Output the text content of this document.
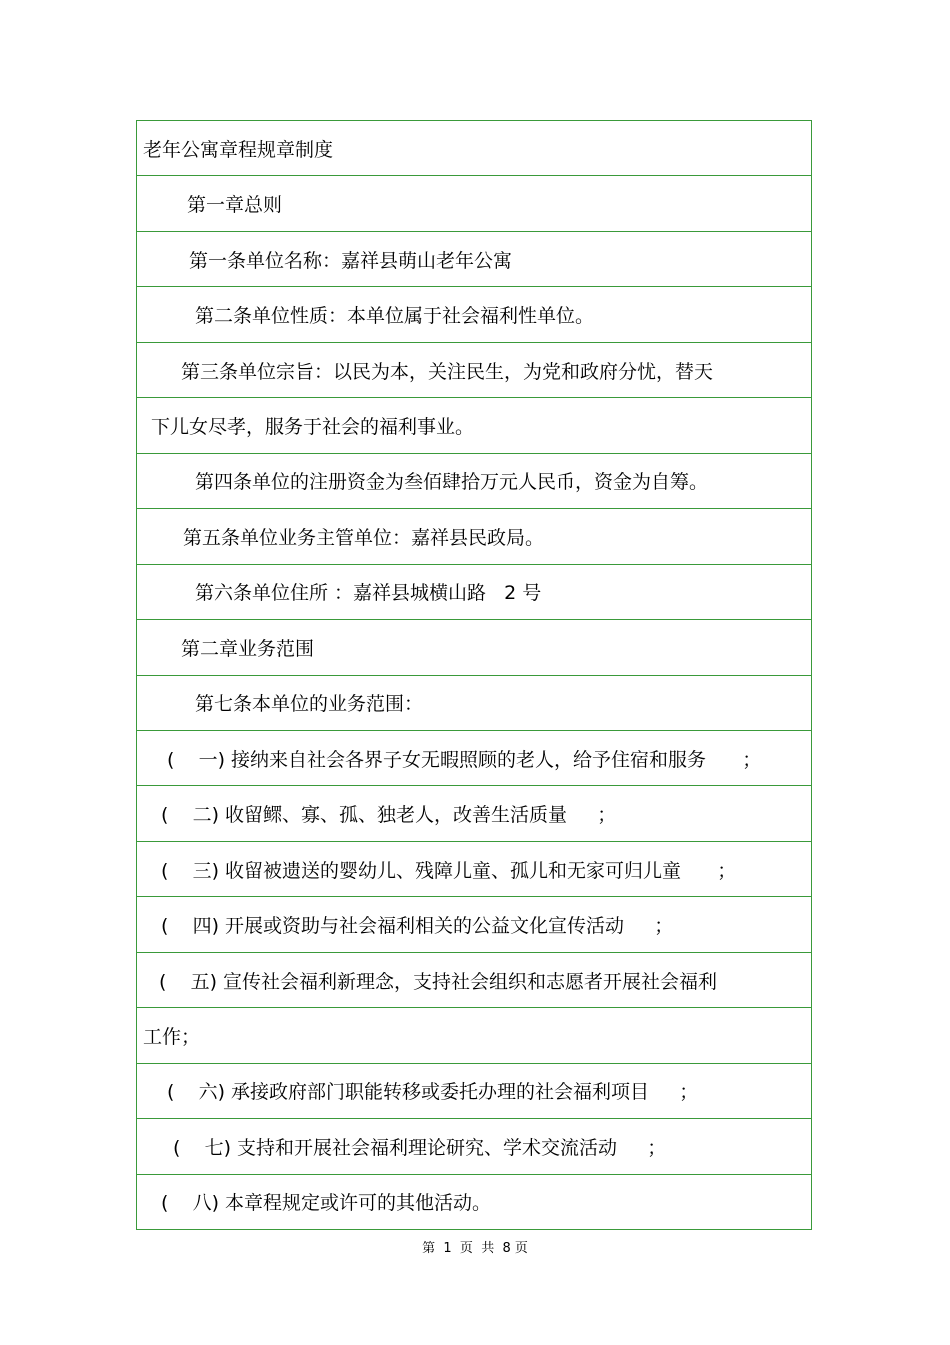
老年公寓章程规章制度
第一章总则
第一条单位名称：嘉祥县萌山老年公寓
第二条单位性质：本单位属于社会福利性单位。
第三条单位宗旨：以民为本，关注民生，为党和政府分忧，替天
下儿女尽孝，服务于社会的福利事业。
第四条单位的注册资金为叁佰肆拾万元人民币，资金为自筹。
第五条单位业务主管单位：嘉祥县民政局。
第六条单位住所 ：嘉祥县城横山路   2 号
第二章业务范围
第七条本单位的业务范围：
(    一) 接纳来自社会各界子女无暇照顾的老人，给予住宿和服务      ；
(    二) 收留鳏、寡、孤、独老人，改善生活质量     ；
(    三) 收留被遗送的婴幼儿、残障儿童、孤儿和无家可归儿童      ；
(    四) 开展或资助与社会福利相关的公益文化宣传活动     ；
(    五) 宣传社会福利新理念，支持社会组织和志愿者开展社会福利
工作；
(    六) 承接政府部门职能转移或委托办理的社会福利项目     ；
(    七) 支持和开展社会福利理论研究、学术交流活动     ；
(    八) 本章程规定或许可的其他活动。
第  1  页  共  8 页
